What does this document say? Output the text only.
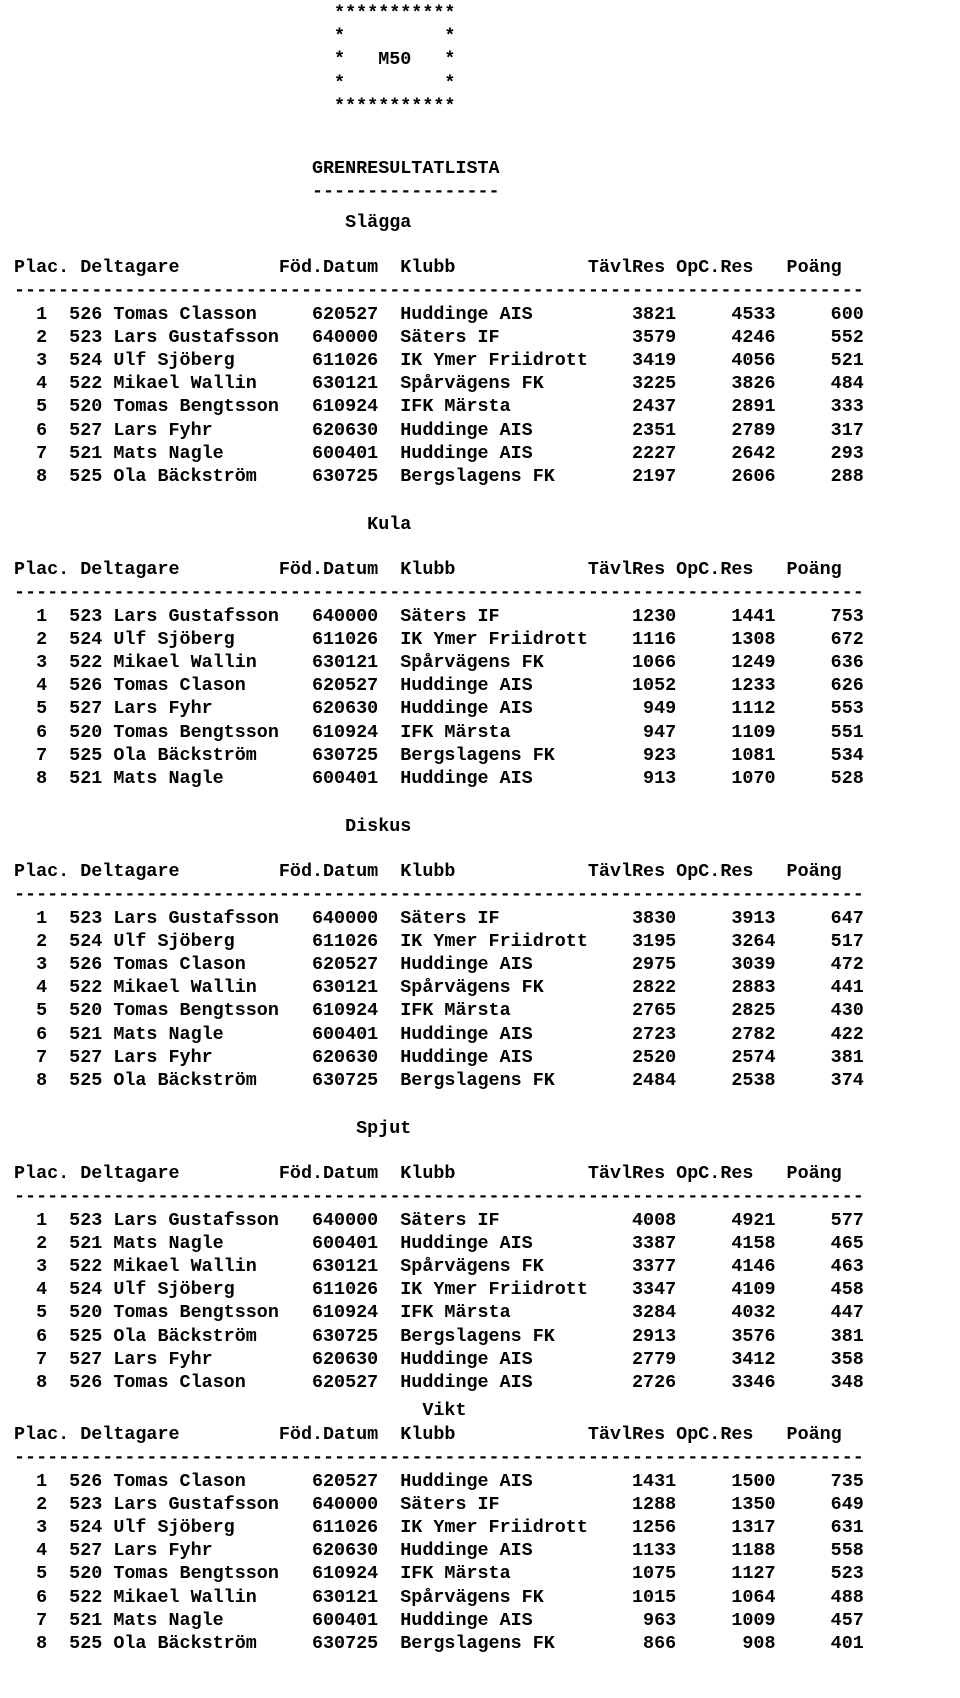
***********
*         *
*   M50   *
*         *
***********
GRENRESULTATLISTA
-----------------
Slägga
Plac. Deltagare         Föd.Datum  Klubb            TävlRes OpC.Res   Poäng
-----------------------------------------------------------------------------
1  526 Tomas Classon     620527  Huddinge AIS         3821     4533     600
2  523 Lars Gustafsson   640000  Säters IF            3579     4246     552
3  524 Ulf Sjöberg       611026  IK Ymer Friidrott    3419     4056     521
4  522 Mikael Wallin     630121  Spårvägens FK        3225     3826     484
5  520 Tomas Bengtsson   610924  IFK Märsta           2437     2891     333
6  527 Lars Fyhr         620630  Huddinge AIS         2351     2789     317
7  521 Mats Nagle        600401  Huddinge AIS         2227     2642     293
8  525 Ola Bäckström     630725  Bergslagens FK       2197     2606     288
Kula
Plac. Deltagare         Föd.Datum  Klubb            TävlRes OpC.Res   Poäng
-----------------------------------------------------------------------------
1  523 Lars Gustafsson   640000  Säters IF            1230     1441     753
2  524 Ulf Sjöberg       611026  IK Ymer Friidrott    1116     1308     672
3  522 Mikael Wallin     630121  Spårvägens FK        1066     1249     636
4  526 Tomas Clason      620527  Huddinge AIS         1052     1233     626
5  527 Lars Fyhr         620630  Huddinge AIS          949     1112     553
6  520 Tomas Bengtsson   610924  IFK Märsta            947     1109     551
7  525 Ola Bäckström     630725  Bergslagens FK        923     1081     534
8  521 Mats Nagle        600401  Huddinge AIS          913     1070     528
Diskus
Plac. Deltagare         Föd.Datum  Klubb            TävlRes OpC.Res   Poäng
-----------------------------------------------------------------------------
1  523 Lars Gustafsson   640000  Säters IF            3830     3913     647
2  524 Ulf Sjöberg       611026  IK Ymer Friidrott    3195     3264     517
3  526 Tomas Clason      620527  Huddinge AIS         2975     3039     472
4  522 Mikael Wallin     630121  Spårvägens FK        2822     2883     441
5  520 Tomas Bengtsson   610924  IFK Märsta           2765     2825     430
6  521 Mats Nagle        600401  Huddinge AIS         2723     2782     422
7  527 Lars Fyhr         620630  Huddinge AIS         2520     2574     381
8  525 Ola Bäckström     630725  Bergslagens FK       2484     2538     374
Spjut
Plac. Deltagare         Föd.Datum  Klubb            TävlRes OpC.Res   Poäng
-----------------------------------------------------------------------------
1  523 Lars Gustafsson   640000  Säters IF            4008     4921     577
2  521 Mats Nagle        600401  Huddinge AIS         3387     4158     465
3  522 Mikael Wallin     630121  Spårvägens FK        3377     4146     463
4  524 Ulf Sjöberg       611026  IK Ymer Friidrott    3347     4109     458
5  520 Tomas Bengtsson   610924  IFK Märsta           3284     4032     447
6  525 Ola Bäckström     630725  Bergslagens FK       2913     3576     381
7  527 Lars Fyhr         620630  Huddinge AIS         2779     3412     358
8  526 Tomas Clason      620527  Huddinge AIS         2726     3346     348
Vikt
Plac. Deltagare         Föd.Datum  Klubb            TävlRes OpC.Res   Poäng
-----------------------------------------------------------------------------
1  526 Tomas Clason      620527  Huddinge AIS         1431     1500     735
2  523 Lars Gustafsson   640000  Säters IF            1288     1350     649
3  524 Ulf Sjöberg       611026  IK Ymer Friidrott    1256     1317     631
4  527 Lars Fyhr         620630  Huddinge AIS         1133     1188     558
5  520 Tomas Bengtsson   610924  IFK Märsta           1075     1127     523
6  522 Mikael Wallin     630121  Spårvägens FK        1015     1064     488
7  521 Mats Nagle        600401  Huddinge AIS          963     1009     457
8  525 Ola Bäckström     630725  Bergslagens FK        866      908     401
